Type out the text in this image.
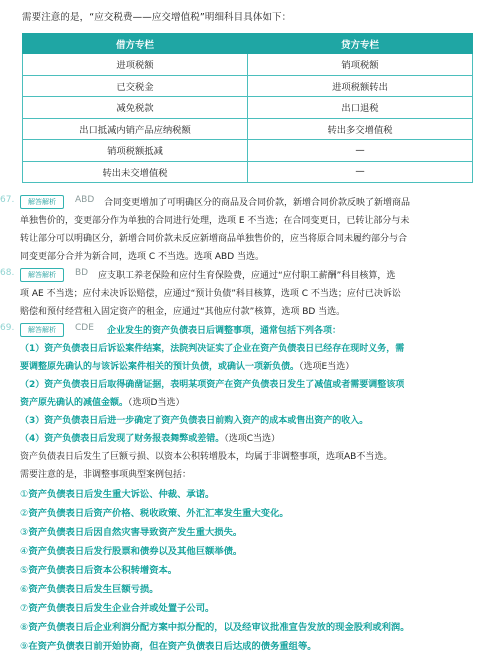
需要注意的是，“应交税费——应交增值税”明细科目具体如下：
借方专栏	贷方专栏
进项税额	销项税额
已交税金	进项税额转出
减免税款	出口退税
出口抵减内销产品应纳税额	转出多交增值税
销项税额抵减	—
转出未交增值税	—
67.	解答解析	ABD 合同变更增加了可明确区分的商品及合同价款，新增合同价款反映了新增商品
单独售价的，变更部分作为单独的合同进行处理，选项 E 不当选；在合同变更日，已转让部分与未
转让部分可以明确区分，新增合同价款未反应新增商品单独售价的，应当将原合同未履约部分与合
同变更部分合并为新合同，选项 C 不当选。选项 ABD 当选。
68.	解答解析	BD 应支职工养老保险和应付生育保险费，应通过“应付职工薪酬”科目核算，选
项 AE 不当选；应付未决诉讼赔偿，应通过“预计负债”科目核算，选项 C 不当选；应付已决诉讼
赔偿和预付经营租入固定资产的租金，应通过“其他应付款”核算，选项 BD 当选。
69.	解答解析	CDE 企业发生的资产负债表日后调整事项，通常包括下列各项：
（1）资产负债表日后诉讼案件结案，法院判决证实了企业在资产负债表日已经存在现时义务，需
要调整原先确认的与该诉讼案件相关的预计负债，或确认一项新负债。（选项E当选）
（2）资产负债表日后取得确凿证据，表明某项资产在资产负债表日发生了减值或者需要调整该项
资产原先确认的减值金额。（选项D当选）
（3）资产负债表日后进一步确定了资产负债表日前购入资产的成本或售出资产的收入。
（4）资产负债表日后发现了财务报表舞弊或差错。（选项C当选）
资产负债表日后发生了巨额亏损、以资本公积转增股本，均属于非调整事项，选项AB不当选。
需要注意的是，非调整事项典型案例包括：
①资产负债表日后发生重大诉讼、仲裁、承诺。
②资产负债表日后资产价格、税收政策、外汇汇率发生重大变化。
③资产负债表日后因自然灾害导致资产发生重大损失。
④资产负债表日后发行股票和债券以及其他巨额举债。
⑤资产负债表日后资本公积转增资本。
⑥资产负债表日后发生巨额亏损。
⑦资产负债表日后发生企业合并或处置子公司。
⑧资产负债表日后企业利润分配方案中拟分配的，以及经审议批准宣告发放的现金股利或利润。
⑨在资产负债表日前开始协商，但在资产负债表日后达成的债务重组等。
